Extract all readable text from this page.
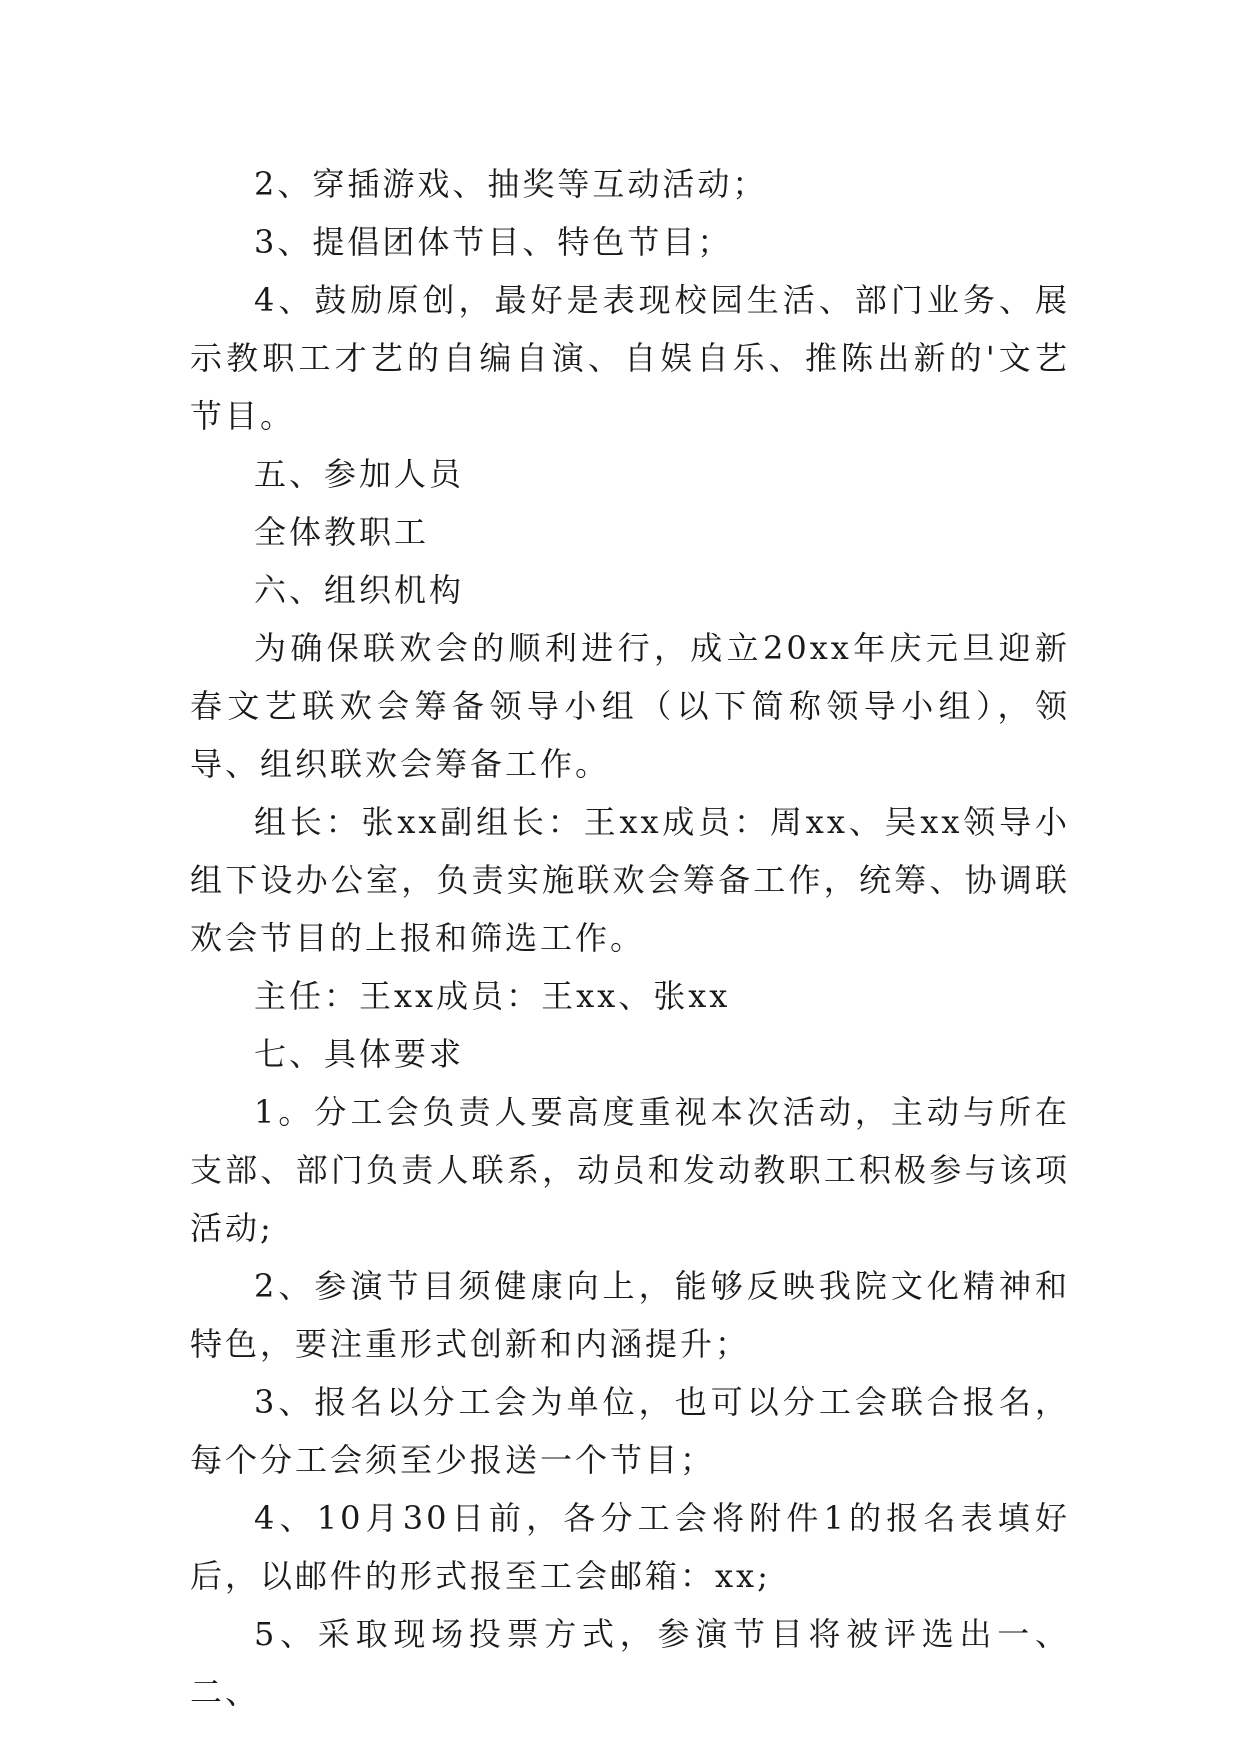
2、穿插游戏、抽奖等互动活动；

3、提倡团体节目、特色节目；

4、鼓励原创，最好是表现校园生活、部门业务、展示教职工才艺的自编自演、自娱自乐、推陈出新的'文艺节目。

五、参加人员

全体教职工

六、组织机构

为确保联欢会的顺利进行，成立20xx年庆元旦迎新春文艺联欢会筹备领导小组（以下简称领导小组），领导、组织联欢会筹备工作。

组长：张xx副组长：王xx成员：周xx、吴xx领导小组下设办公室，负责实施联欢会筹备工作，统筹、协调联欢会节目的上报和筛选工作。

主任：王xx成员：王xx、张xx

七、具体要求

1。分工会负责人要高度重视本次活动，主动与所在支部、部门负责人联系，动员和发动教职工积极参与该项活动;

2、参演节目须健康向上，能够反映我院文化精神和特色，要注重形式创新和内涵提升；

3、报名以分工会为单位，也可以分工会联合报名，每个分工会须至少报送一个节目；

4、10月30日前，各分工会将附件1的报名表填好后，以邮件的形式报至工会邮箱：xx;

5、采取现场投票方式，参演节目将被评选出一、二、
